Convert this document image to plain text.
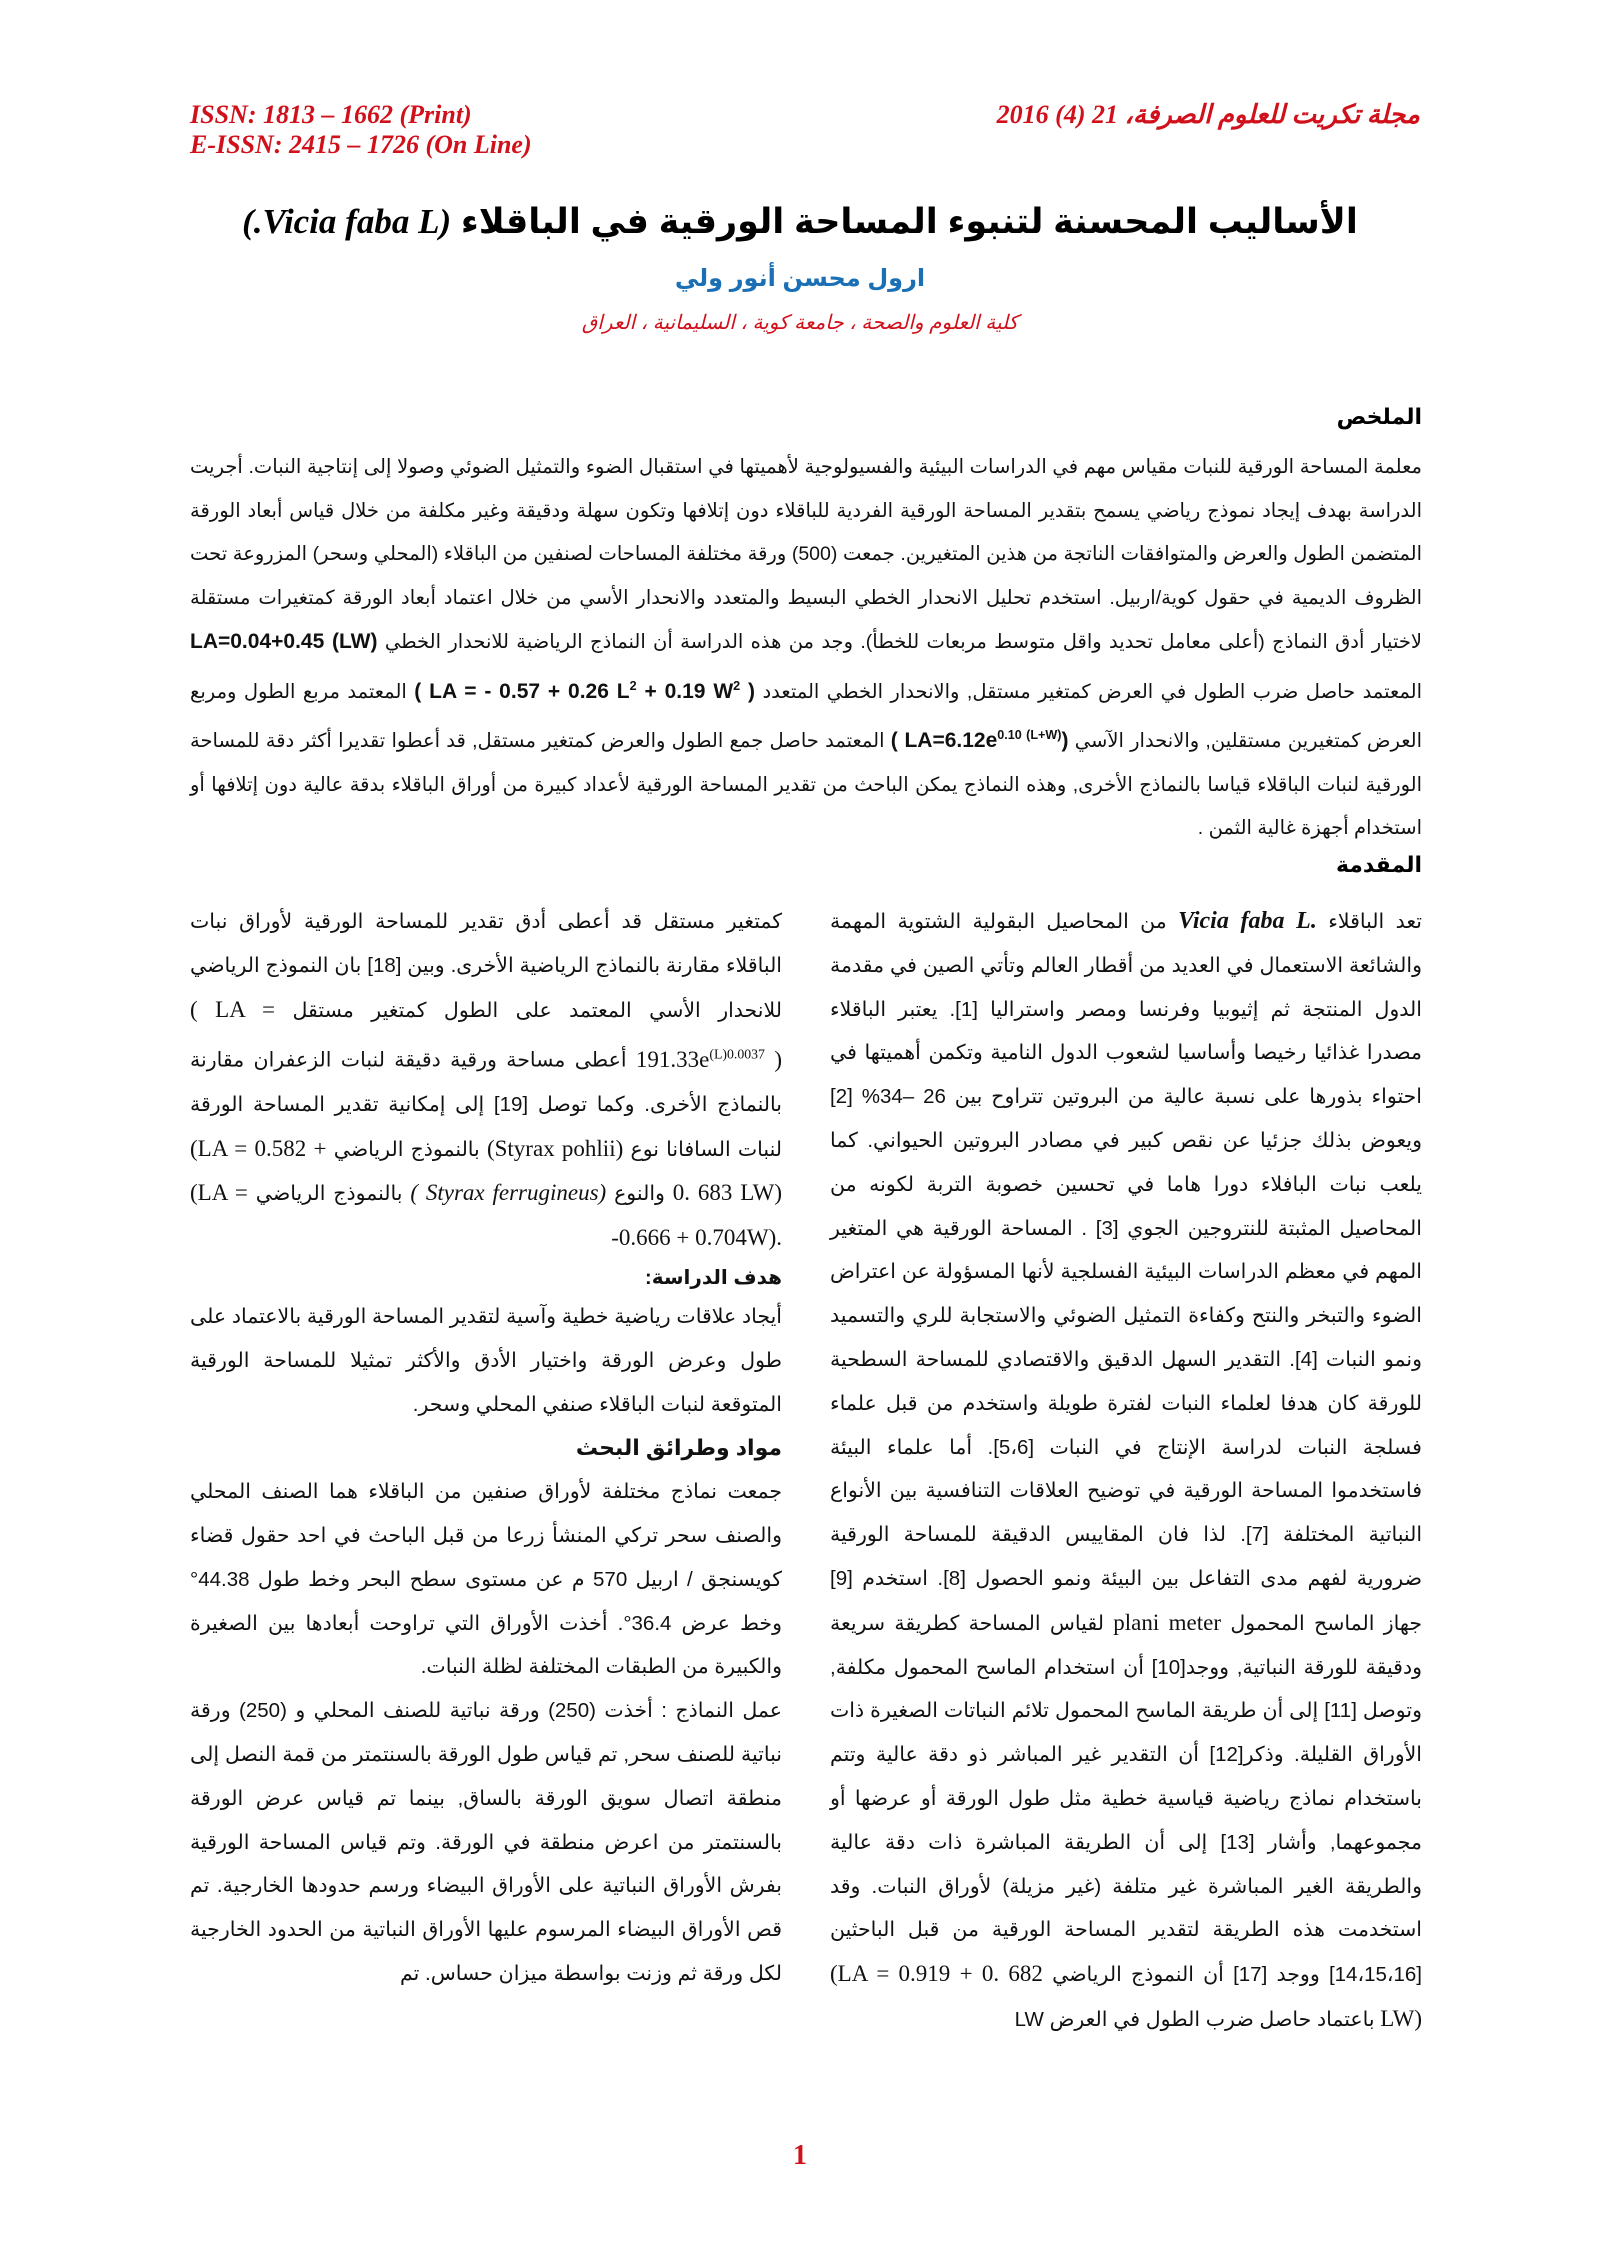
ISSN: 1813 – 1662 (Print)
E-ISSN: 2415 – 1726 (On Line)
مجلة تكريت للعلوم الصرفة، 21 (4) 2016
الأساليب المحسنة لتنبوء المساحة الورقية في الباقلاء (Vicia faba L.)
ارول محسن أنور ولي
كلية العلوم والصحة ، جامعة كوية ، السليمانية ، العراق
الملخص

معلمة المساحة الورقية للنبات مقياس مهم في الدراسات البيئية والفسيولوجية لأهميتها في استقبال الضوء والتمثيل الضوئي وصولا إلى إنتاجية النبات. أجريت الدراسة بهدف إيجاد نموذج رياضي يسمح بتقدير المساحة الورقية الفردية للباقلاء دون إتلافها وتكون سهلة ودقيقة وغير مكلفة من خلال قياس أبعاد الورقة المتضمن الطول والعرض والمتوافقات الناتجة من هذين المتغيرين. جمعت (500) ورقة مختلفة المساحات لصنفين من الباقلاء (المحلي وسحر) المزروعة تحت الظروف الديمية في حقول كوية/اربيل. استخدم تحليل الانحدار الخطي البسيط والمتعدد والانحدار الأسي من خلال اعتماد أبعاد الورقة كمتغيرات مستقلة لاختيار أدق النماذج (أعلى معامل تحديد واقل متوسط مربعات للخطأ). وجد من هذه الدراسة أن النماذج الرياضية للانحدار الخطي LA=0.04+0.45 (LW) المعتمد حاصل ضرب الطول في العرض كمتغير مستقل, والانحدار الخطي المتعدد ( LA = - 0.57 + 0.26 $L^2 + 0.19$ $W^2$ ) المعتمد مربع الطول ومربع العرض كمتغيرين مستقلين, والانحدار الآسي ( $LA=6.12e^{0.10 (L+W)}$) المعتمد حاصل جمع الطول والعرض كمتغير مستقل, قد أعطوا تقديرا أكثر دقة للمساحة الورقية لنبات الباقلاء قياسا بالنماذج الأخرى, وهذه النماذج يمكن الباحث من تقدير المساحة الورقية لأعداد كبيرة من أوراق الباقلاء بدقة عالية دون إتلافها أو استخدام أجهزة غالية الثمن .

المقدمة

تعد الباقلاء Vicia faba L. من المحاصيل البقولية الشتوية المهمة والشائعة الاستعمال في العديد من أقطار العالم وتأتي الصين في مقدمة الدول المنتجة ثم إثيوبيا وفرنسا ومصر واستراليا [1]. يعتبر الباقلاء مصدرا غذائيا رخيصا وأساسيا لشعوب الدول النامية وتكمن أهميتها في احتواء بذورها على نسبة عالية من البروتين تتراوح بين 26 –34% [2] ويعوض بذلك جزئيا عن نقص كبير في مصادر البروتين الحيواني. كما يلعب نبات البافلاء دورا هاما في تحسين خصوبة التربة لكونه من المحاصيل المثبتة للنتروجين الجوي [3] . المساحة الورقية هي المتغير المهم في معظم الدراسات البيئية الفسلجية لأنها المسؤولة عن اعتراض الضوء والتبخر والنتح وكفاءة التمثيل الضوئي والاستجابة للري والتسميد ونمو النبات [4]. التقدير السهل الدقيق والاقتصادي للمساحة السطحية للورقة كان هدفا لعلماء النبات لفترة طويلة واستخدم من قبل علماء فسلجة النبات لدراسة الإنتاج في النبات [5،6]. أما علماء البيئة فاستخدموا المساحة الورقية في توضيح العلاقات التنافسية بين الأنواع النباتية المختلفة [7]. لذا فان المقاييس الدقيقة للمساحة الورقية ضرورية لفهم مدى التفاعل بين البيئة ونمو الحصول [8]. استخدم [9] جهاز الماسح المحمول plani meter لقياس المساحة كطريقة سريعة ودقيقة للورقة النباتية, ووجد[10] أن استخدام الماسح المحمول مكلفة, وتوصل [11] إلى أن طريقة الماسح المحمول تلائم النباتات الصغيرة ذات الأوراق القليلة. وذكر[12] أن التقدير غير المباشر ذو دقة عالية وتتم باستخدام نماذج رياضية قياسية خطية مثل طول الورقة أو عرضها أو مجموعهما, وأشار [13] إلى أن الطريقة المباشرة ذات دقة عالية والطريقة الغير المباشرة غير متلفة (غير مزيلة) لأوراق النبات. وقد استخدمت هذه الطريقة لتقدير المساحة الورقية من قبل الباحثين [14،15،16] ووجد [17] أن النموذج الرياضي (LA = 0.919 + 0. 682 LW) باعتماد حاصل ضرب الطول في العرض LW

كمتغير مستقل قد أعطى أدق تقدير للمساحة الورقية لأوراق نبات الباقلاء مقارنة بالنماذج الرياضية الأخرى. وبين [18] بان النموذج الرياضي للانحدار الأسي المعتمد على الطول كمتغير مستقل ( LA = $191.33e^{(L)0.0037}$ ) أعطى مساحة ورقية دقيقة لنبات الزعفران مقارنة بالنماذج الأخرى. وكما توصل [19] إلى إمكانية تقدير المساحة الورقة لنبات السافانا نوع (Styrax pohlii) بالنموذج الرياضي (LA = 0.582 + 0. 683 LW) والنوع ( Styrax ferrugineus) بالنموذج الرياضي (LA = -0.666 + 0.704W).

هدف الدراسة:

أيجاد علاقات رياضية خطية وآسية لتقدير المساحة الورقية بالاعتماد على طول وعرض الورقة واختيار الأدق والأكثر تمثيلا للمساحة الورقية المتوقعة لنبات الباقلاء صنفي المحلي وسحر.

مواد وطرائق البحث

جمعت نماذج مختلفة لأوراق صنفين من الباقلاء هما الصنف المحلي والصنف سحر تركي المنشأ زرعا من قبل الباحث في احد حقول قضاء كويسنجق / اربيل 570 م عن مستوى سطح البحر وخط طول 44.38° وخط عرض 36.4°. أخذت الأوراق التي تراوحت أبعادها بين الصغيرة والكبيرة من الطبقات المختلفة لظلة النبات.

عمل النماذج : أخذت (250) ورقة نباتية للصنف المحلي و (250) ورقة نباتية للصنف سحر, تم قياس طول الورقة بالسنتمتر من قمة النصل إلى منطقة اتصال سويق الورقة بالساق, بينما تم قياس عرض الورقة بالسنتمتر من اعرض منطقة في الورقة. وتم قياس المساحة الورقية بفرش الأوراق النباتية على الأوراق البيضاء ورسم حدودها الخارجية. تم قص الأوراق البيضاء المرسوم عليها الأوراق النباتية من الحدود الخارجية لكل ورقة ثم وزنت بواسطة ميزان حساس. تم

1
